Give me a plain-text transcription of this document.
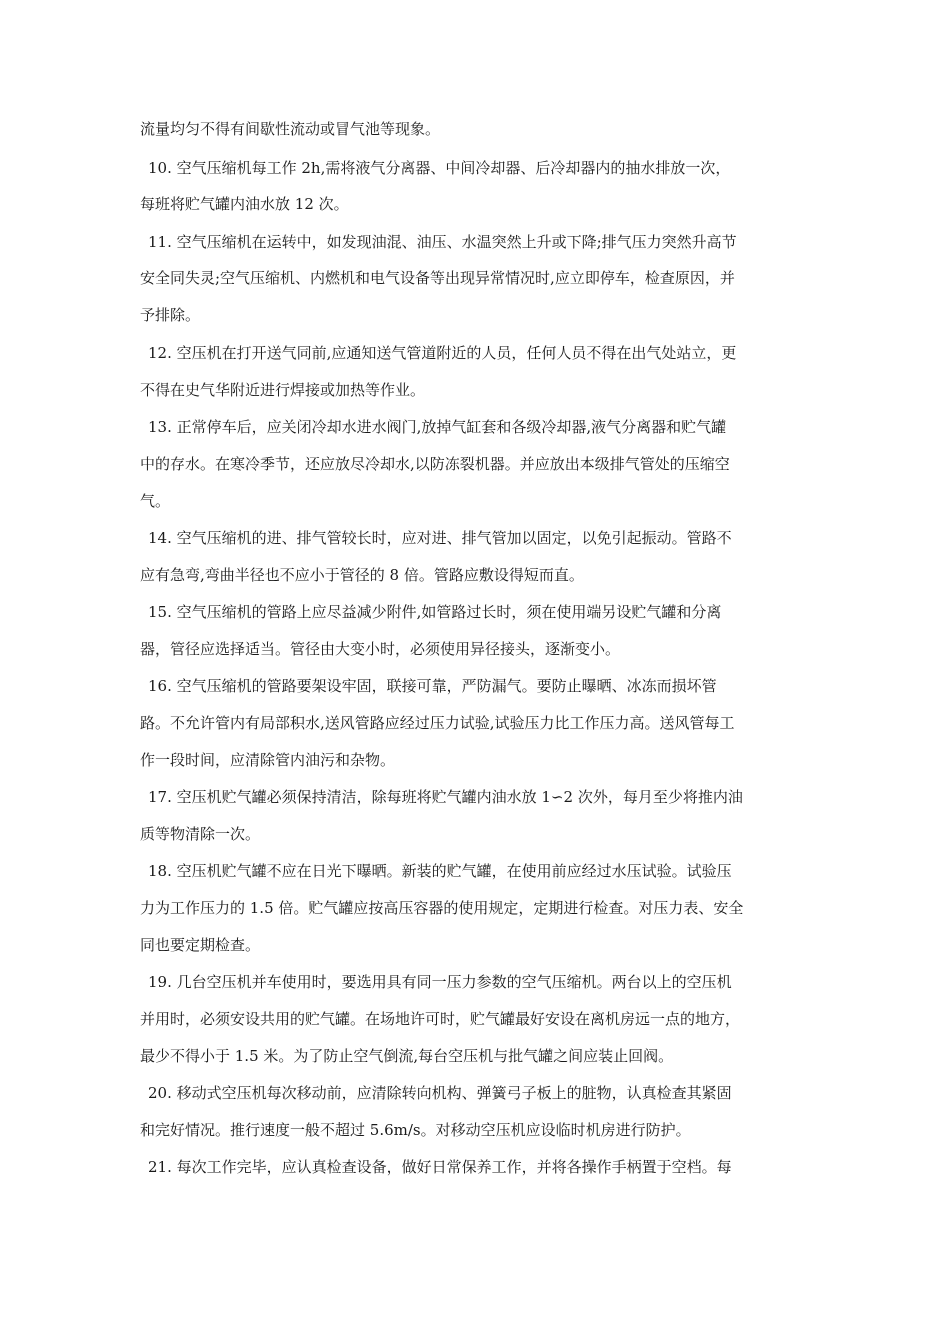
流量均匀不得有间歇性流动或冒气池等现象。

10. 空气压缩机每工作 2h,需将液气分离器、中间冷却器、后冷却器内的抽水排放一次，

每班将贮气罐内油水放 12 次。

11. 空气压缩机在运转中，如发现油混、油压、水温突然上升或下降;排气压力突然升高节

安全同失灵;空气压缩机、内燃机和电气设备等出现异常情况时,应立即停车，检查原因，并

予排除。

12. 空压机在打开送气同前,应通知送气管道附近的人员，任何人员不得在出气处站立，更

不得在史气华附近进行焊接或加热等作业。

13. 正常停车后，应关闭冷却水进水阀门,放掉气缸套和各级冷却器,液气分离器和贮气罐

中的存水。在寒冷季节，还应放尽冷却水,以防冻裂机器。并应放出本级排气管处的压缩空

气。

14. 空气压缩机的进、排气管较长时，应对进、排气管加以固定，以免引起振动。管路不

应有急弯,弯曲半径也不应小于管径的 8 倍。管路应敷设得短而直。

15. 空气压缩机的管路上应尽益减少附件,如管路过长时，须在使用端另设贮气罐和分离

器，管径应选择适当。管径由大变小时，必须使用异径接头，逐渐变小。

16. 空气压缩机的管路要架设牢固，联接可靠，严防漏气。要防止曝晒、冰冻而损坏管

路。不允许管内有局部积水,送风管路应经过压力试验,试验压力比工作压力高。送风管每工

作一段时间，应清除管内油污和杂物。

17. 空压机贮气罐必须保持清洁，除每班将贮气罐内油水放 1∽2 次外，每月至少将推内油

质等物清除一次。

18. 空压机贮气罐不应在日光下曝晒。新装的贮气罐，在使用前应经过水压试验。试验压

力为工作压力的 1.5 倍。贮气罐应按高压容器的使用规定，定期进行检查。对压力表、安全

同也要定期检查。

19. 几台空压机并车使用时，要选用具有同一压力参数的空气压缩机。两台以上的空压机

并用时，必须安设共用的贮气罐。在场地许可时，贮气罐最好安设在离机房远一点的地方，

最少不得小于 1.5 米。为了防止空气倒流,每台空压机与批气罐之间应装止回阀。

20. 移动式空压机每次移动前，应清除转向机构、弹簧弓子板上的脏物，认真检查其紧固

和完好情况。推行速度一般不超过 5.6m/s。对移动空压机应设临时机房进行防护。

21. 每次工作完毕，应认真检查设备，做好日常保养工作，并将各操作手柄置于空档。每
